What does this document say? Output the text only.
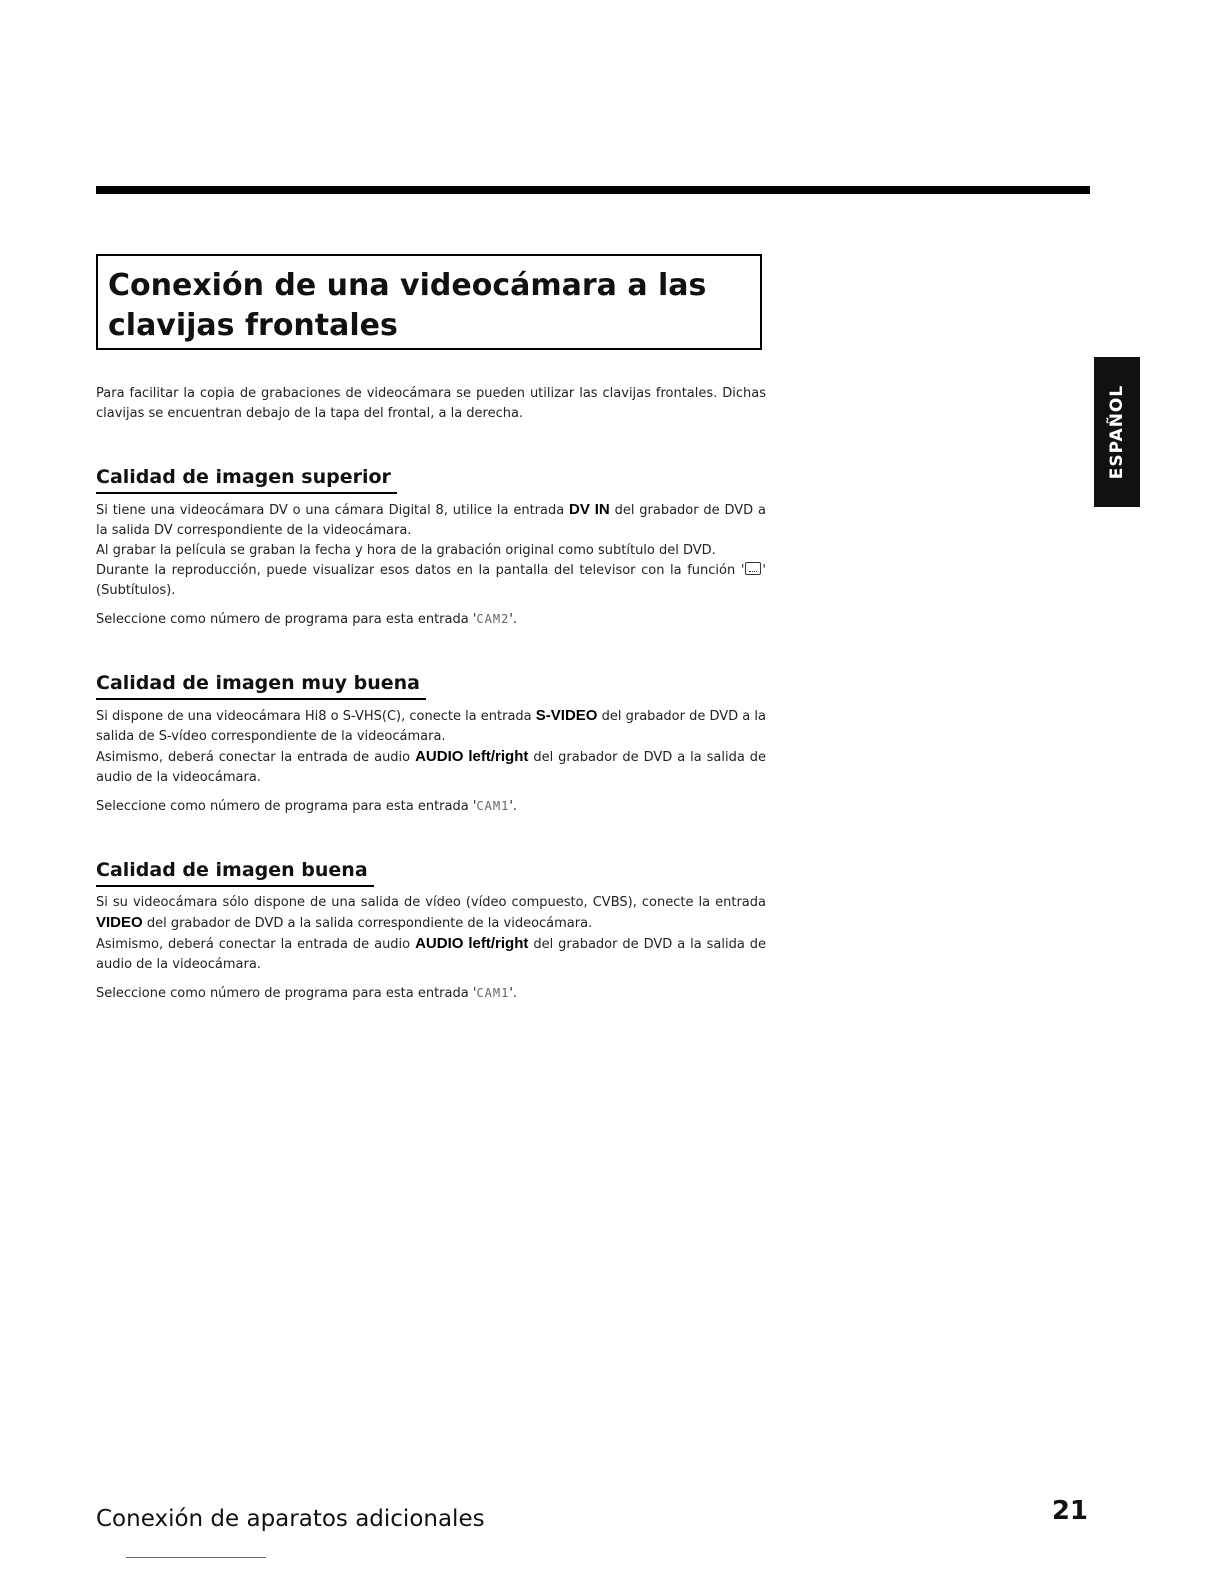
Conexión de una videocámara a las clavijas frontales
ESPAÑOL

Para facilitar la copia de grabaciones de videocámara se pueden utilizar las clavijas frontales. Dichas clavijas se encuentran debajo de la tapa del frontal, a la derecha.

Calidad de imagen superior

Si tiene una videocámara DV o una cámara Digital 8, utilice la entrada DV IN del grabador de DVD a la salida DV correspondiente de la videocámara.

Al grabar la película se graban la fecha y hora de la grabación original como subtítulo del DVD.

Durante la reproducción, puede visualizar esos datos en la pantalla del televisor con la función ' ' (Subtítulos).

Seleccione como número de programa para esta entrada 'CAM2'.

Calidad de imagen muy buena

Si dispone de una videocámara Hi8 o S-VHS(C), conecte la entrada S-VIDEO del grabador de DVD a la salida de S-vídeo correspondiente de la videocámara.

Asimismo, deberá conectar la entrada de audio AUDIO left/right del grabador de DVD a la salida de audio de la videocámara.

Seleccione como número de programa para esta entrada 'CAM1'.

Calidad de imagen buena

Si su videocámara sólo dispone de una salida de vídeo (vídeo compuesto, CVBS), conecte la entrada VIDEO del grabador de DVD a la salida correspondiente de la videocámara.

Asimismo, deberá conectar la entrada de audio AUDIO left/right del grabador de DVD a la salida de audio de la videocámara.

Seleccione como número de programa para esta entrada 'CAM1'.

Conexión de aparatos adicionales	21
